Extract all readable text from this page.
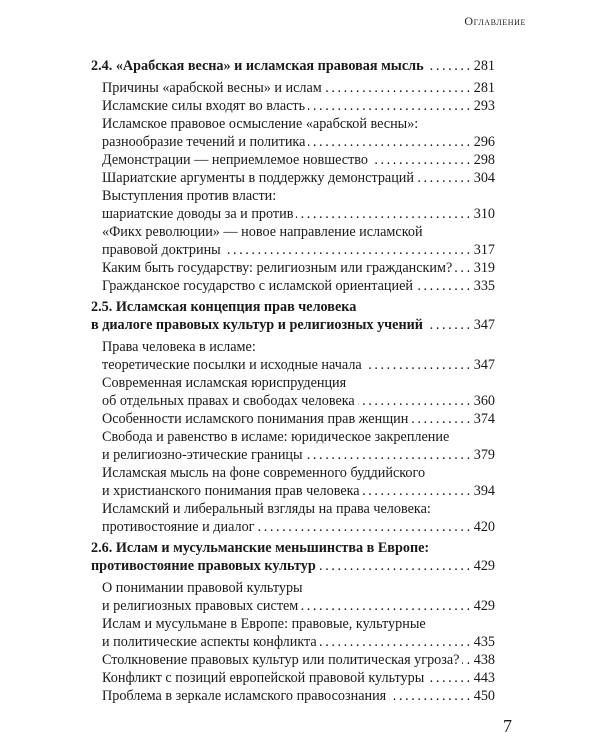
Оглавление
2.4. «Арабская весна» и исламская правовая мысль .....	281
Причины «арабской весны» и ислам .....	281
Исламские силы входят во власть .....	293
Исламское правовое осмысление «арабской весны»:
разнообразие течений и политика .....	296
Демонстрации — неприемлемое новшество .....	298
Шариатские аргументы в поддержку демонстраций .....	304
Выступления против власти:
шариатские доводы за и против .....	310
«Фикх революции» — новое направление исламской
правовой доктрины .....	317
Каким быть государству: религиозным или гражданским? ..... 319
Гражданское государство с исламской ориентацией .....	335
2.5. Исламская концепция прав человека
в диалоге правовых культур и религиозных учений .....	347
Права человека в исламе:
теоретические посылки и исходные начала .....	347
Современная исламская юриспруденция
об отдельных правах и свободах человека .....	360
Особенности исламского понимания прав женщин .....	374
Свобода и равенство в исламе: юридическое закрепление
и религиозно-этические границы .....	379
Исламская мысль на фоне современного буддийского
и христианского понимания прав человека .....	394
Исламский и либеральный взгляды на права человека:
противостояние и диалог .....	420
2.6. Ислам и мусульманские меньшинства в Европе:
противостояние правовых культур .....	429
О понимании правовой культуры
и религиозных правовых систем .....	429
Ислам и мусульмане в Европе: правовые, культурные
и политические аспекты конфликта .....	435
Столкновение правовых культур или политическая угроза? ..... 438
Конфликт с позиций европейской правовой культуры .....	443
Проблема в зеркале исламского правосознания .....	450
7
